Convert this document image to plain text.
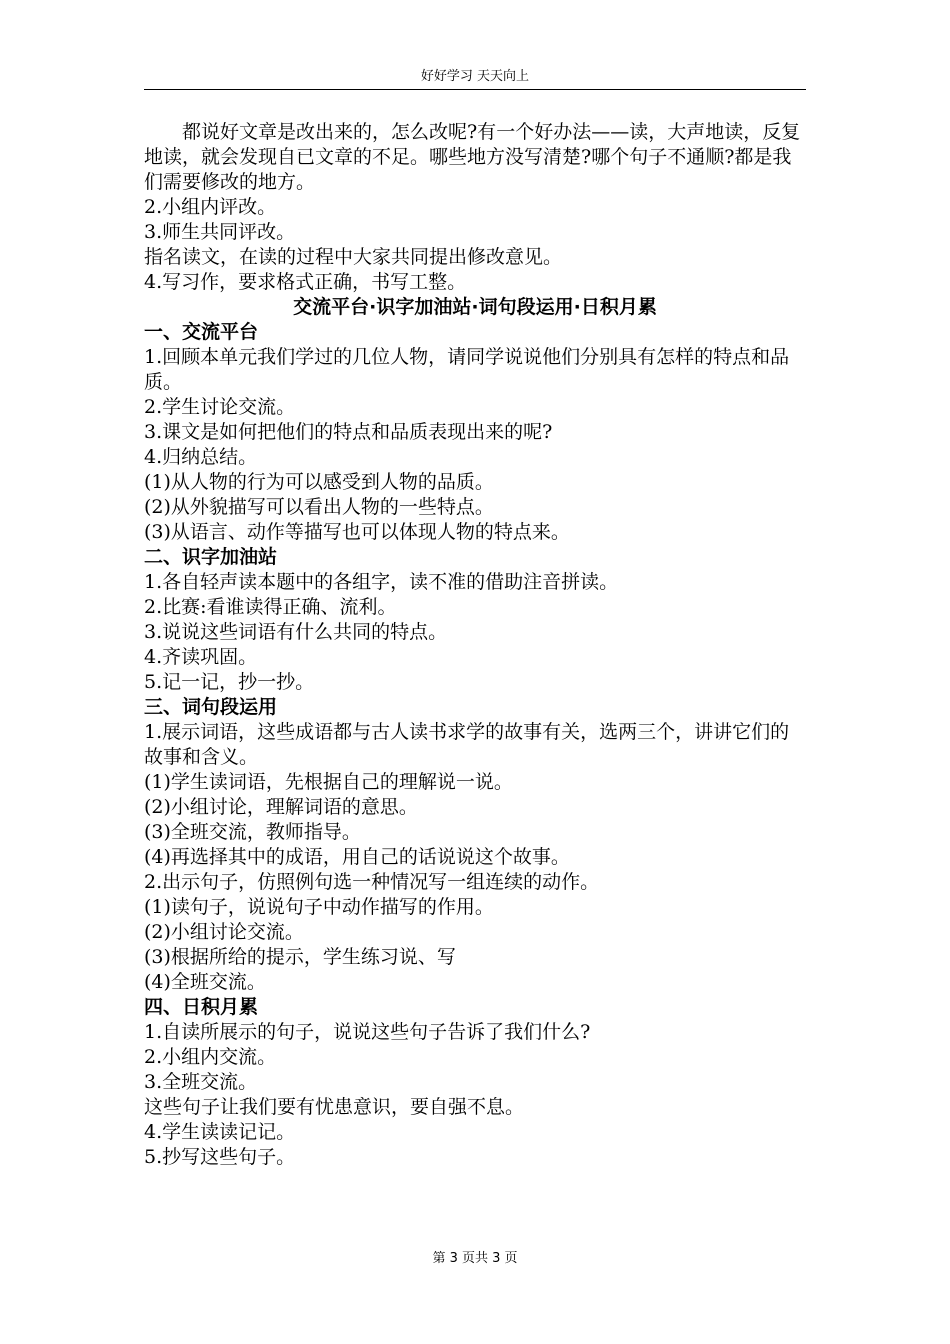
好好学习 天天向上

都说好文章是改出来的，怎么改呢?有一个好办法——读，大声地读，反复地读，就会发现自已文章的不足。哪些地方没写清楚?哪个句子不通顺?都是我们需要修改的地方。

2.小组内评改。

3.师生共同评改。

指名读文，在读的过程中大家共同提出修改意见。

4.写习作，要求格式正确，书写工整。

交流平台·识字加油站·词句段运用·日积月累

一、交流平台

1.回顾本单元我们学过的几位人物，请同学说说他们分别具有怎样的特点和品质。

2.学生讨论交流。

3.课文是如何把他们的特点和品质表现出来的呢?

4.归纳总结。

(1)从人物的行为可以感受到人物的品质。

(2)从外貌描写可以看出人物的一些特点。

(3)从语言、动作等描写也可以体现人物的特点来。

二、识字加油站

1.各自轻声读本题中的各组字，读不准的借助注音拼读。

2.比赛:看谁读得正确、流利。

3.说说这些词语有什么共同的特点。

4.齐读巩固。

5.记一记，抄一抄。

三、词句段运用

1.展示词语，这些成语都与古人读书求学的故事有关，选两三个，讲讲它们的故事和含义。

(1)学生读词语，先根据自己的理解说一说。

(2)小组讨论，理解词语的意思。

(3)全班交流，教师指导。

(4)再选择其中的成语，用自己的话说说这个故事。

2.出示句子，仿照例句选一种情况写一组连续的动作。

(1)读句子，说说句子中动作描写的作用。

(2)小组讨论交流。

(3)根据所给的提示，学生练习说、写

(4)全班交流。

四、日积月累

1.自读所展示的句子，说说这些句子告诉了我们什么?

2.小组内交流。

3.全班交流。

这些句子让我们要有忧患意识，要自强不息。

4.学生读读记记。

5.抄写这些句子。

第 3 页共 3 页
